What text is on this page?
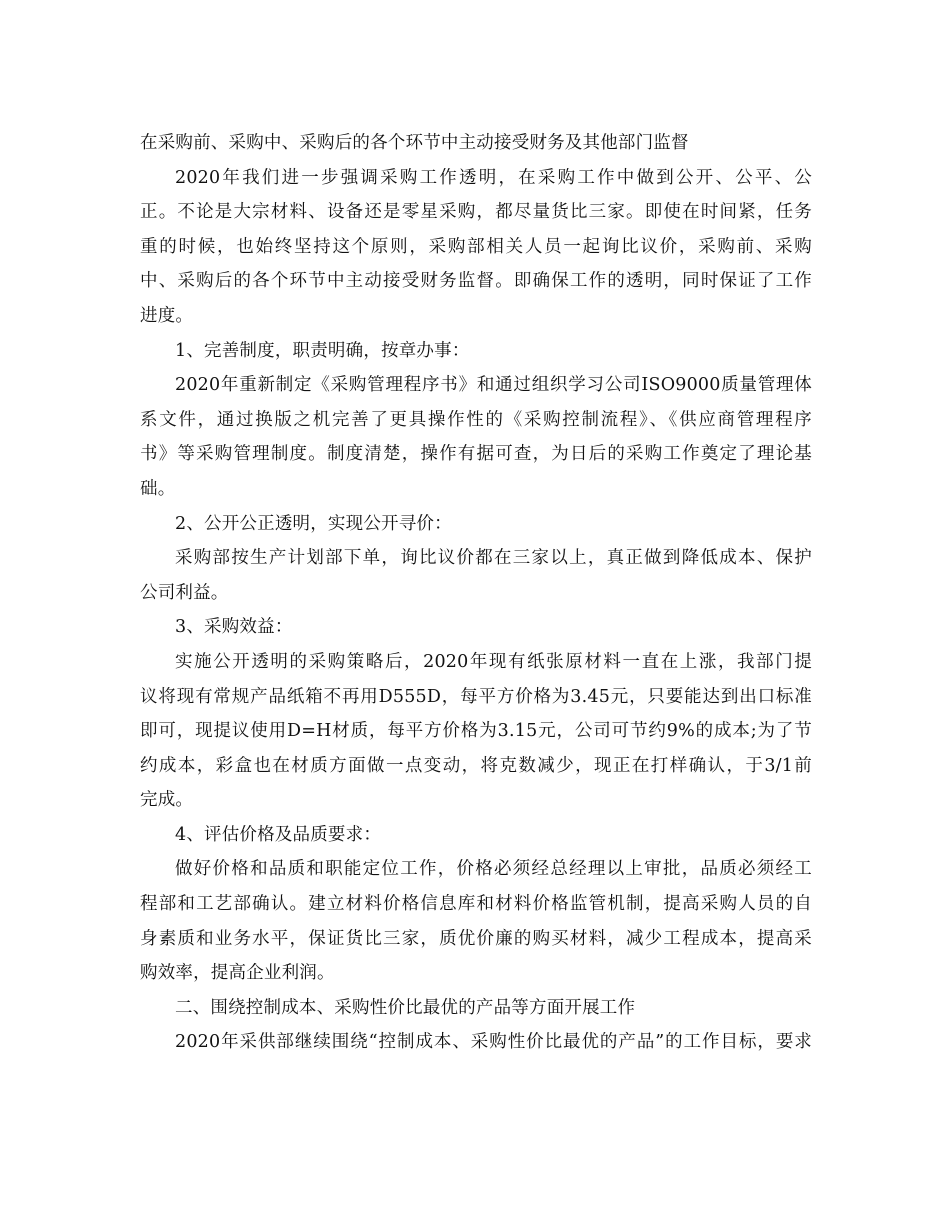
在采购前、采购中、采购后的各个环节中主动接受财务及其他部门监督
2020年我们进一步强调采购工作透明，在采购工作中做到公开、公平、公
正。不论是大宗材料、设备还是零星采购，都尽量货比三家。即使在时间紧，任务
重的时候，也始终坚持这个原则，采购部相关人员一起询比议价，采购前、采购
中、采购后的各个环节中主动接受财务监督。即确保工作的透明，同时保证了工作
进度。
1、完善制度，职责明确，按章办事：
2020年重新制定《采购管理程序书》和通过组织学习公司ISO9000质量管理体
系文件，通过换版之机完善了更具操作性的《采购控制流程》、《供应商管理程序
书》等采购管理制度。制度清楚，操作有据可查，为日后的采购工作奠定了理论基
础。
2、公开公正透明，实现公开寻价：
采购部按生产计划部下单，询比议价都在三家以上，真正做到降低成本、保护
公司利益。
3、采购效益：
实施公开透明的采购策略后，2020年现有纸张原材料一直在上涨，我部门提
议将现有常规产品纸箱不再用D555D，每平方价格为3.45元，只要能达到出口标准
即可，现提议使用D=H材质，每平方价格为3.15元，公司可节约9%的成本;为了节
约成本，彩盒也在材质方面做一点变动，将克数减少，现正在打样确认，于3/1前
完成。
4、评估价格及品质要求：
做好价格和品质和职能定位工作，价格必须经总经理以上审批，品质必须经工
程部和工艺部确认。建立材料价格信息库和材料价格监管机制，提高采购人员的自
身素质和业务水平，保证货比三家，质优价廉的购买材料，减少工程成本，提高采
购效率，提高企业利润。
二、围绕控制成本、采购性价比最优的产品等方面开展工作
2020年采供部继续围绕“控制成本、采购性价比最优的产品”的工作目标，要求
